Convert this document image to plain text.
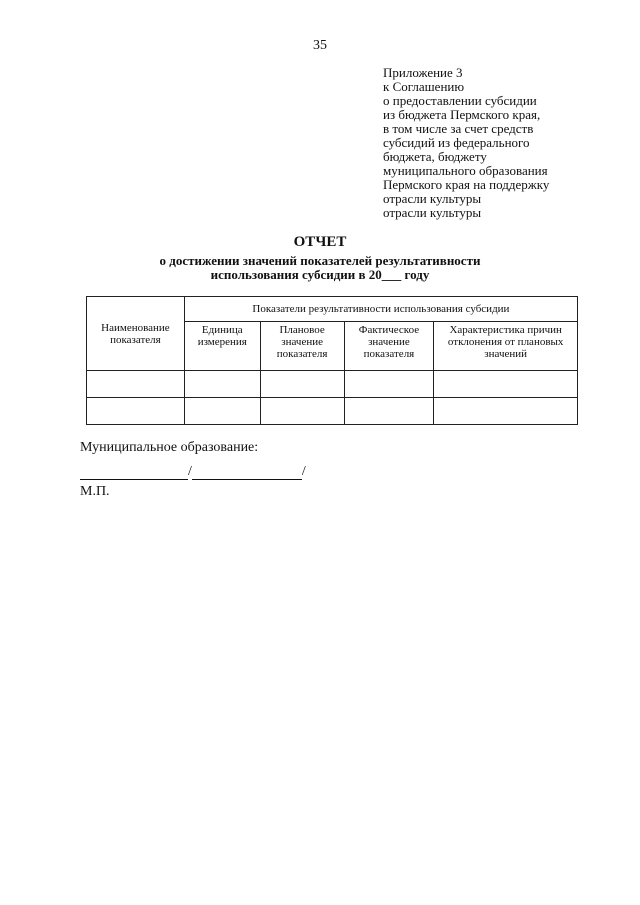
35
Приложение 3
к Соглашению
о предоставлении субсидии
из бюджета Пермского края,
в том числе за счет средств
субсидий из федерального
бюджета, бюджету
муниципального образования
Пермского края на поддержку
отрасли культуры
отрасли культуры
ОТЧЕТ
о достижении значений показателей результативности
использования субсидии в 20___ году
Наименование показателя	Показатели результативности использования субсидии			
	Единица измерения	Плановое значение показателя	Фактическое значение показателя	Характеристика причин отклонения от плановых значений

Муниципальное образование:
/	/
М.П.
